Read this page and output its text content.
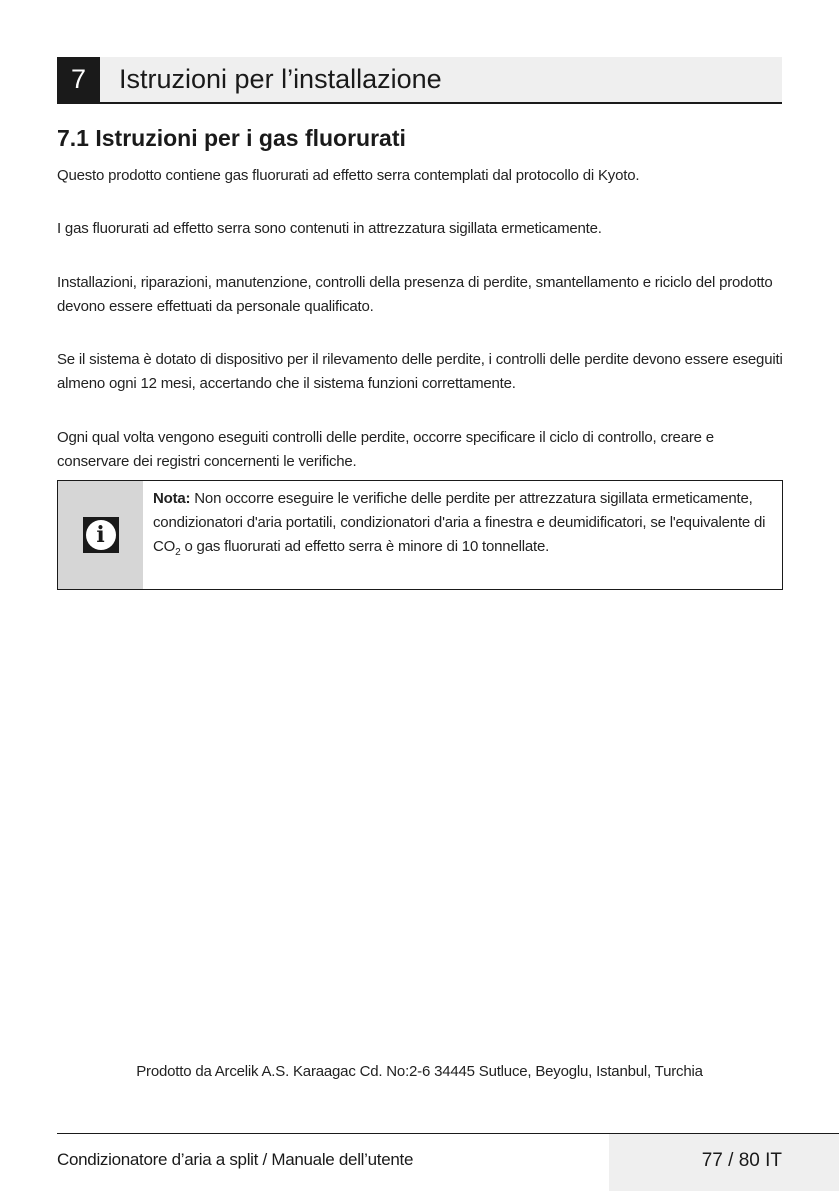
7	Istruzioni per l’installazione
7.1 Istruzioni per i gas fluorurati

Questo prodotto contiene gas fluorurati ad effetto serra contemplati dal protocollo di Kyoto.

I gas fluorurati ad effetto serra sono contenuti in attrezzatura sigillata ermeticamente.

Installazioni, riparazioni, manutenzione, controlli della presenza di perdite, smantellamento e riciclo del prodotto devono essere effettuati da personale qualificato.

Se il sistema è dotato di dispositivo per il rilevamento delle perdite, i controlli delle perdite devono essere eseguiti almeno ogni 12 mesi, accertando che il sistema funzioni correttamente.

Ogni qual volta vengono eseguiti controlli delle perdite, occorre specificare il ciclo di controllo, creare e conservare dei registri concernenti le verifiche.

i

Nota: Non occorre eseguire le verifiche delle perdite per attrezzatura sigillata ermeticamente, condizionatori d'aria portatili, condizionatori d'aria a finestra e deumidificatori, se l'equivalente di $CO_2$ o gas fluorurati ad effetto serra è minore di 10 tonnellate.

Prodotto da Arcelik A.S. Karaagac Cd. No:2-6 34445 Sutluce, Beyoglu, Istanbul, Turchia
Condizionatore d’aria a split / Manuale dell’utente	77 / 80 IT
